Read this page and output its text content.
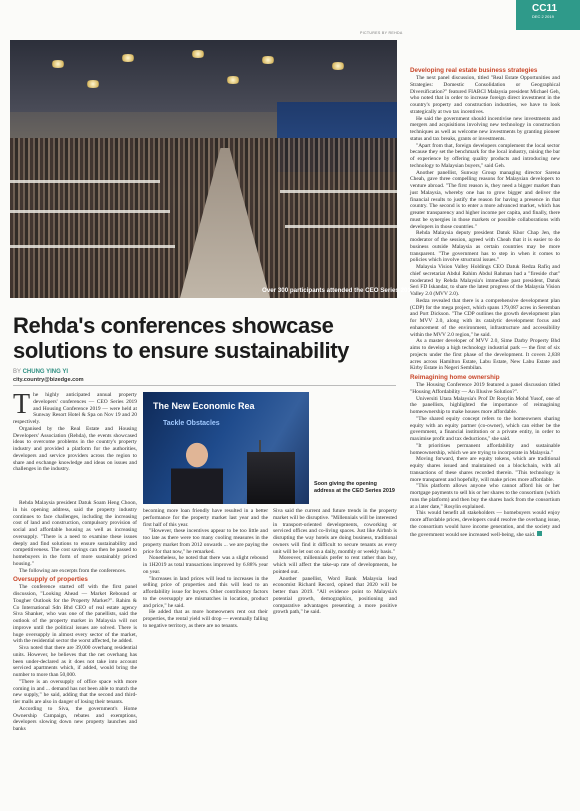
Over 300 participants attended the CEO Series 2019
PICTURES BY REHDA
CC11
DEC 2 2019
Rehda's conferences showcase solutions to ensure sustainability
BY CHUNG YING YI
city.country@bizedge.com
The New Economic Rea
Tackle Obstacles
Soon giving the opening address at the CEO Series 2019

The highly anticipated annual property developers' conferences — CEO Series 2019 and Housing Conference 2019 — were held at Sunway Resort Hotel & Spa on Nov 19 and 20 respectively.

Organised by the Real Estate and Housing Developers' Association (Rehda), the events showcased ideas to overcome problems in the country's property industry and provided a platform for the authorities, developers and service providers across the region to share and exchange knowledge and ideas on issues and challenges in the industry.

Rehda Malaysia president Datuk Soam Heng Choon, in his opening address, said the property industry continues to face challenges, including the increasing cost of land and construction, compulsory provision of social and affordable housing as well as increasing oversupply. "There is a need to examine these issues deeply and find solutions to ensure sustainability and competitiveness. The cost savings can then be passed to homebuyers in the form of more sustainably priced housing."

The following are excerpts from the conferences.

Oversupply of properties

The conference started off with the first panel discussion, "Looking Ahead — Market Rebound or Tougher Outlook for the Property Market?". Rahim & Co International Sdn Bhd CEO of real estate agency Siva Shanker, who was one of the panellists, said the outlook of the property market in Malaysia will not improve until the political issues are solved. There is huge oversupply in almost every sector of the market, with the residential sector the worst affected, he added.

Siva noted that there are 39,000 overhang residential units. However, he believes that the net overhang has been under-declared as it does not take into account serviced apartments which, if added, would bring the number to more than 50,000.

"There is an oversupply of office space with more coming in and ... demand has not been able to match the new supply," he said, adding that the second and third-tier malls are also in danger of losing their tenants.

According to Siva, the government's Home Ownership Campaign, rebates and exemptions, developers slowing down new property launches and banks

becoming more loan friendly have resulted in a better performance for the property market last year and the first half of this year.

"However, these incentives appear to be too little and too late as there were too many cooling measures in the property market from 2012 onwards ... we are paying the price for that now," he remarked.

Nonetheless, he noted that there was a slight rebound in 1H2019 as total transactions improved by 6.88% year on year.

"Increases in land prices will lead to increases in the selling price of properties and this will lead to an affordability issue for buyers. Other contributory factors to the oversupply are mismatches in location, product and price," he said.

He added that as more homeowners rent out their properties, the rental yield will drop — eventually falling to negative territory, as there are no tenants.

Siva said the current and future trends in the property market will be disruptive. "Millennials will be interested in transport-oriented developments, coworking or serviced offices and co-living spaces. Just like Airbnb is disrupting the way hotels are doing business, traditional owners will find it difficult to secure tenants as every unit will be let out on a daily, monthly or weekly basis."

Moreover, millennials prefer to rent rather than buy, which will affect the take-up rate of developments, he pointed out.

Another panellist, Word Bank Malaysia lead economist Richard Record, opined that 2020 will be better than 2019. "All evidence point to Malaysia's potential growth, demographics, positioning and comparative advantages presenting a more positive growth path," he said.

Developing real estate business strategies

The next panel discussion, titled "Real Estate Opportunities and Strategies: Domestic Consolidation or Geographical Diversification?" featured FIABCI Malaysia president Michael Geh, who noted that in order to increase foreign direct investment in the country's property and construction industries, we have to look strategically at two tax incentives.

He said the government should incentivise new investments and mergers and acquisitions involving new technology in construction techniques as well as welcome new investments by granting pioneer status and tax breaks, grants or investments.

"Apart from that, foreign developers complement the local sector because they set the benchmark for the local industry, raising the bar of experience by offering quality products and introducing new technology to Malaysian buyers," said Geh.

Another panellist, Sunway Group managing director Sarena Cheah, gave three compelling reasons for Malaysian developers to venture abroad. "The first reason is, they need a bigger market than just Malaysia, whereby one has to grow bigger and deliver the financial results to justify the reason for having a presence in that country. The second is to enter a more advanced market, which has greater transparency and higher income per capita, and finally, there must be synergies in those markets or possible collaborations with developers in those countries."

Rehda Malaysia deputy president Datuk Khor Chap Jen, the moderator of the session, agreed with Cheah that it is easier to do business outside Malaysia as certain countries may be more transparent. "The government has to step in when it comes to policies which involve structural issues."

Malaysia Vision Valley Holdings CEO Datuk Redza Rafiq and chief secretariat Abdul Rahim Abdul Rahman had a "fireside chat" moderated by Rehda Malaysia's immediate past president, Datuk Seri FD Iskandar, to share the latest progress of the Malaysia Vision Valley 2.0 (MVV 2.0).

Redza revealed that there is a comprehensive development plan (CDP) for the mega project, which spans 179,087 acres in Seremban and Port Dickson. "The CDP outlines the growth development plan for MVV 2.0, along with its catalytic development focus and enhancement of the environment, infrastructure and accessibility within the MVV 2.0 region," he said.

As a master developer of MVV 2.0, Sime Darby Property Bhd aims to develop a high technology industrial park — the first of six projects under the first phase of the development. It covers 2,838 acres across Hamilton Estate, Labu Estate, New Labu Estate and Kirby Estate in Negeri Sembilan.

Reimagining home ownership

The Housing Conference 2019 featured a panel discussion titled "Housing Affordability — An Illusive Solution?".

Universiti Utara Malaysia's Prof Dr Rosylin Mohd Yusof, one of the panellists, highlighted the importance of reimagining homeownership to make houses more affordable.

"The shared equity concept refers to the homeowners sharing equity with an equity partner (co-owner), which can either be the government, a financial institution or a private entity, in order to maximise profit and tax deductions," she said.

"It prioritises permanent affordability and sustainable homeownership, which we are trying to incorporate in Malaysia."

Moving forward, there are equity tokens, which are traditional equity shares issued and maintained on a blockchain, with all transactions of these shares recorded therein. "This technology is more transparent and hopefully, will make prices more affordable.

"This platform allows anyone who cannot afford his or her mortgage payments to sell his or her shares to the consortium (which runs the platform) and then buy the shares back from the consortium at a later date," Rosylin explained.

This would benefit all stakeholders — homebuyers would enjoy more affordable prices, developers could resolve the overhang issue, the consortium would have income generation, and the society and the government would see increased well-being, she said.
